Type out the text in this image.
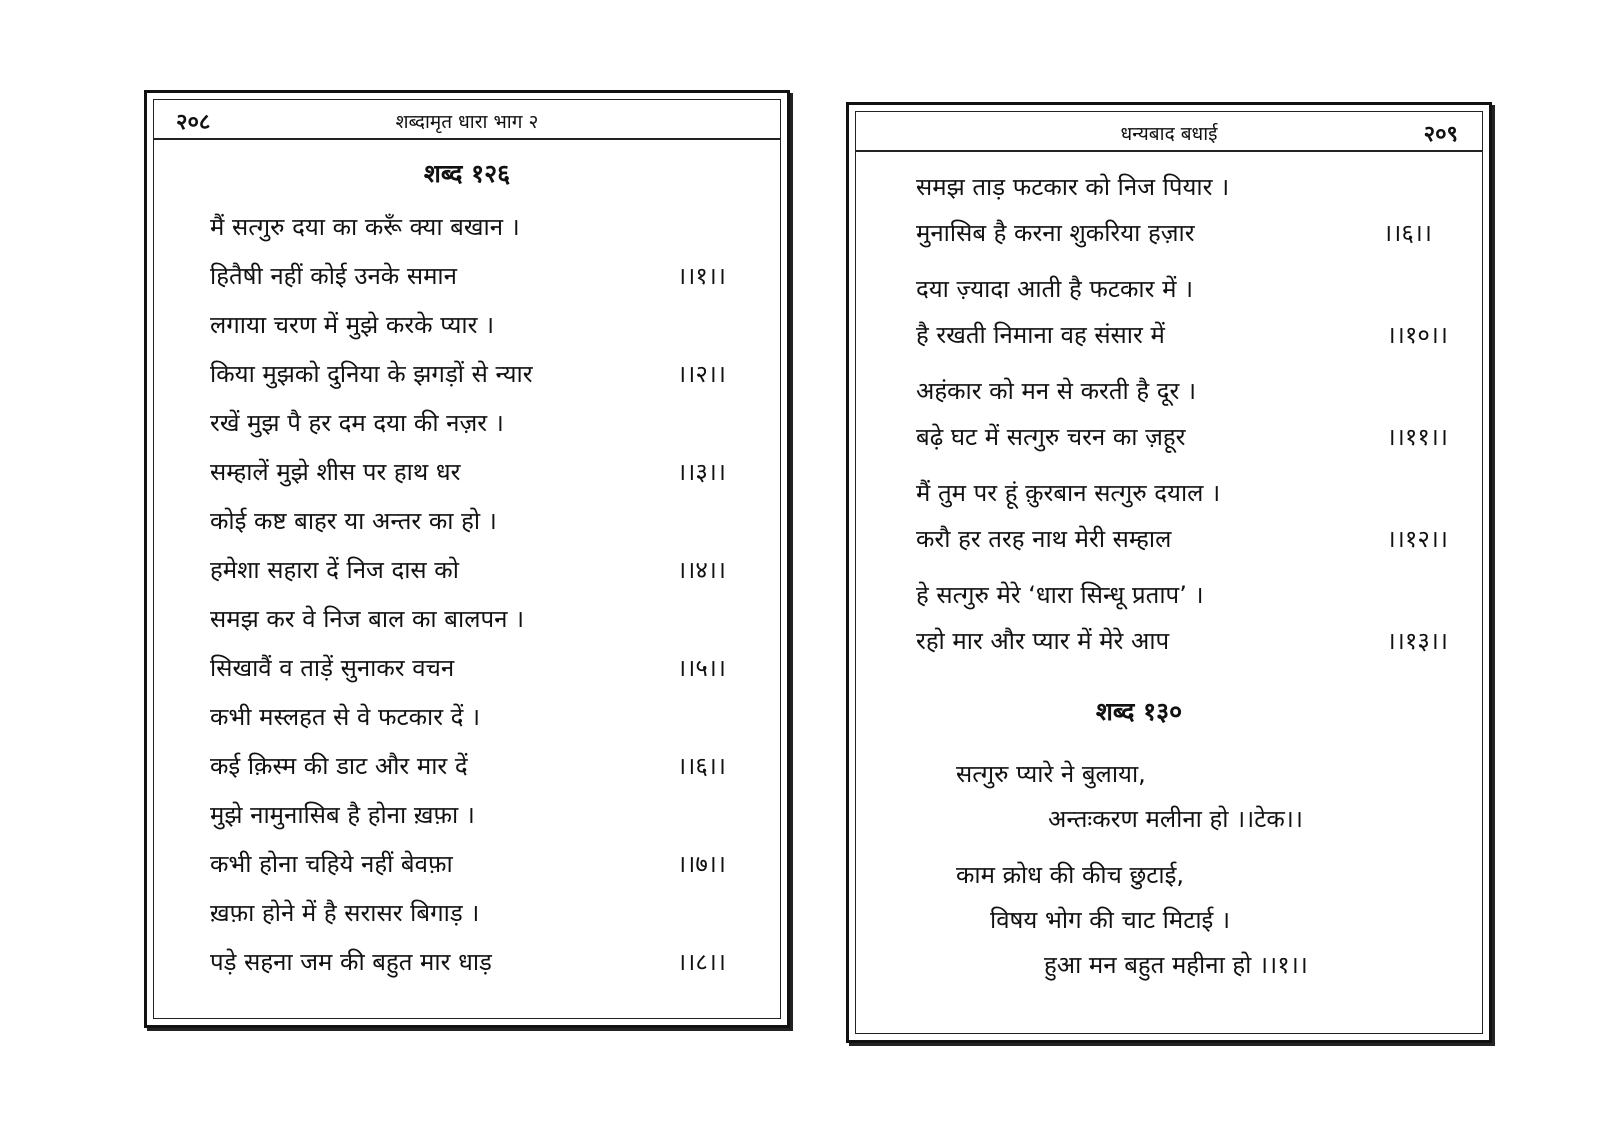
२०८	शब्दामृत धारा भाग २
शब्द १२६
मैं सत्गुरु दया का करूँ क्या बखान ।
हितैषी नहीं कोई उनके समान	।।१।।
लगाया चरण में मुझे करके प्यार ।
किया मुझको दुनिया के झगड़ों से न्यार	।।२।।
रखें मुझ पै हर दम दया की नज़र ।
सम्हालें मुझे शीस पर हाथ धर	।।३।।
कोई कष्ट बाहर या अन्तर का हो ।
हमेशा सहारा दें निज दास को	।।४।।
समझ कर वे निज बाल का बालपन ।
सिखावैं व ताड़ें सुनाकर वचन	।।५।।
कभी मस्लहत से वे फटकार दें ।
कई क़िस्म की डाट और मार दें	।।६।।
मुझे नामुनासिब है होना ख़फ़ा ।
कभी होना चहिये नहीं बेवफ़ा	।।७।।
ख़फ़ा होने में है सरासर बिगाड़ ।
पड़े सहना जम की बहुत मार धाड़	।।८।।
धन्यबाद बधाई	२०९
समझ ताड़ फटकार को निज पियार ।
मुनासिब है करना शुकरिया हज़ार	।।६।।
दया ज़्यादा आती है फटकार में ।
है रखती निमाना वह संसार में	।।१०।।
अहंकार को मन से करती है दूर ।
बढ़े घट में सत्गुरु चरन का ज़हूर	।।११।।
मैं तुम पर हूं क़ुरबान सत्गुरु दयाल ।
करौ हर तरह नाथ मेरी सम्हाल	।।१२।।
हे सत्गुरु मेरे ‘धारा सिन्धू प्रताप’ ।
रहो मार और प्यार में मेरे आप	।।१३।।
शब्द १३०
सत्गुरु प्यारे ने बुलाया,
अन्तःकरण मलीना हो ।।टेक।।
काम क्रोध की कीच छुटाई,
विषय भोग की चाट मिटाई ।
हुआ मन बहुत महीना हो ।।१।।
